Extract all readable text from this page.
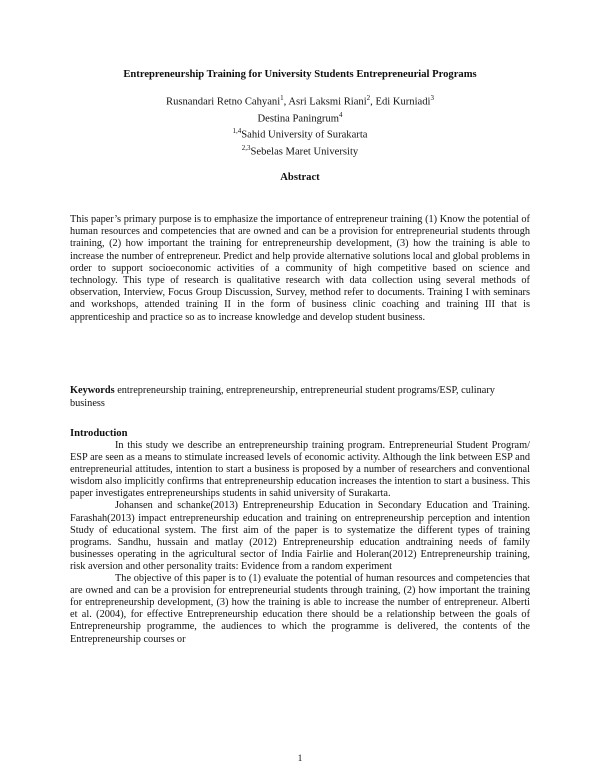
Entrepreneurship Training for University Students Entrepreneurial Programs
Rusnandari Retno Cahyani$^1$, Asri Laksmi Riani$^2$, Edi Kurniadi$^3$
Destina Paningrum$^4$
$^{1,4}$Sahid University of Surakarta
$^{2,3}$Sebelas Maret University
Abstract
This paper’s primary purpose is to emphasize the importance of entrepreneur training (1) Know the potential of human resources and competencies that are owned and can be a provision for entrepreneurial students through training, (2) how important the training for entrepreneurship development, (3) how the training is able to increase the number of entrepreneur. Predict and help provide alternative solutions local and global problems in order to support socioeconomic activities of a community of high competitive based on science and technology. This type of research is qualitative research with data collection using several methods of observation, Interview, Focus Group Discussion, Survey, method refer to documents. Training I with seminars and workshops, attended training II in the form of business clinic coaching and training III that is apprenticeship and practice so as to increase knowledge and develop student business.
Keywords entrepreneurship training, entrepreneurship, entrepreneurial student programs/ESP, culinary business
Introduction

In this study we describe an entrepreneurship training program. Entrepreneurial Student Program/ ESP are seen as a means to stimulate increased levels of economic activity. Although the link between ESP and entrepreneurial attitudes, intention to start a business is proposed by a number of researchers and conventional wisdom also implicitly confirms that entrepreneurship education increases the intention to start a business. This paper investigates entrepreneurships students in sahid university of Surakarta.

Johansen and schanke(2013) Entrepreneurship Education in Secondary Education and Training. Farashah(2013) impact entrepreneurship education and training on entrepreneurship perception and intention Study of educational system. The first aim of the paper is to systematize the different types of training programs. Sandhu, hussain and matlay (2012) Entrepreneurship education andtraining needs of family businesses operating in the agricultural sector of India Fairlie and Holeran(2012) Entrepreneurship training, risk aversion and other personality traits: Evidence from a random experiment

The objective of this paper is to (1) evaluate the potential of human resources and competencies that are owned and can be a provision for entrepreneurial students through training, (2) how important the training for entrepreneurship development, (3) how the training is able to increase the number of entrepreneur. Alberti et al. (2004), for effective Entrepreneurship education there should be a relationship between the goals of Entrepreneurship programme, the audiences to which the programme is delivered, the contents of the Entrepreneurship courses or

1
